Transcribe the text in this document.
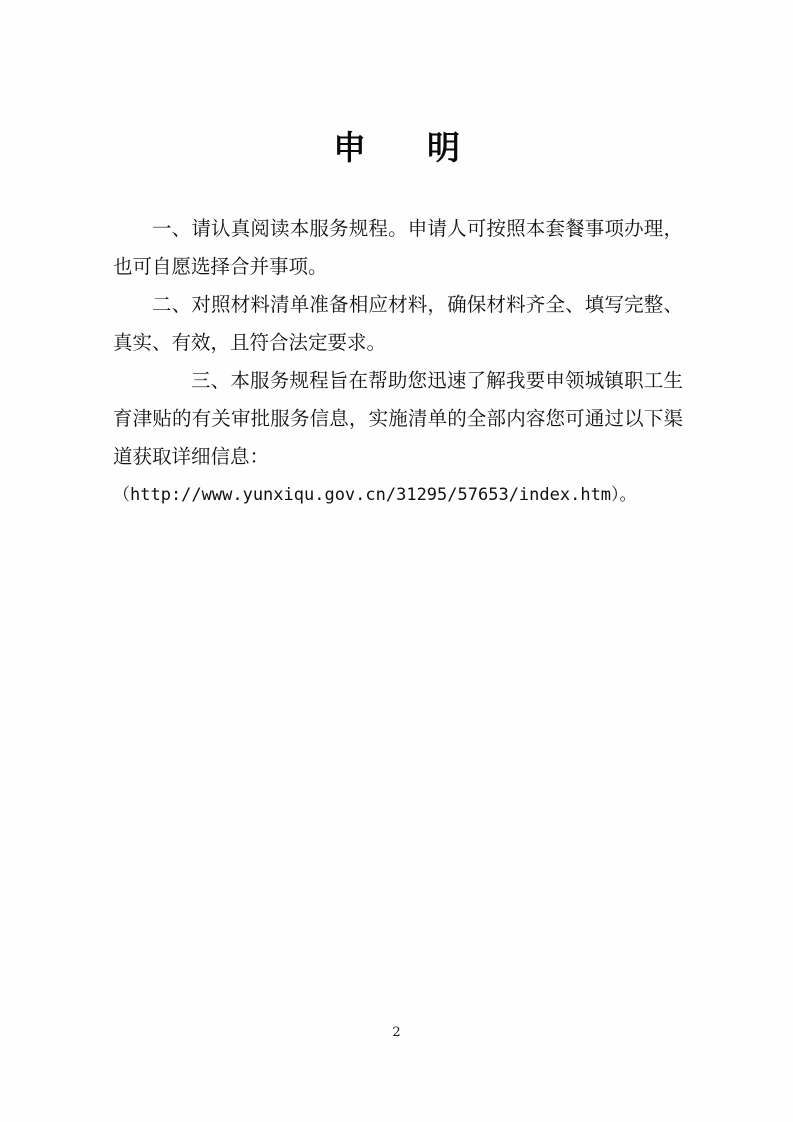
申　明

一、请认真阅读本服务规程。申请人可按照本套餐事项办理，也可自愿选择合并事项。

二、对照材料清单准备相应材料，确保材料齐全、填写完整、真实、有效，且符合法定要求。

三、本服务规程旨在帮助您迅速了解我要申领城镇职工生育津贴的有关审批服务信息，实施清单的全部内容您可通过以下渠道获取详细信息：

（http://www.yunxiqu.gov.cn/31295/57653/index.htm）。

2
